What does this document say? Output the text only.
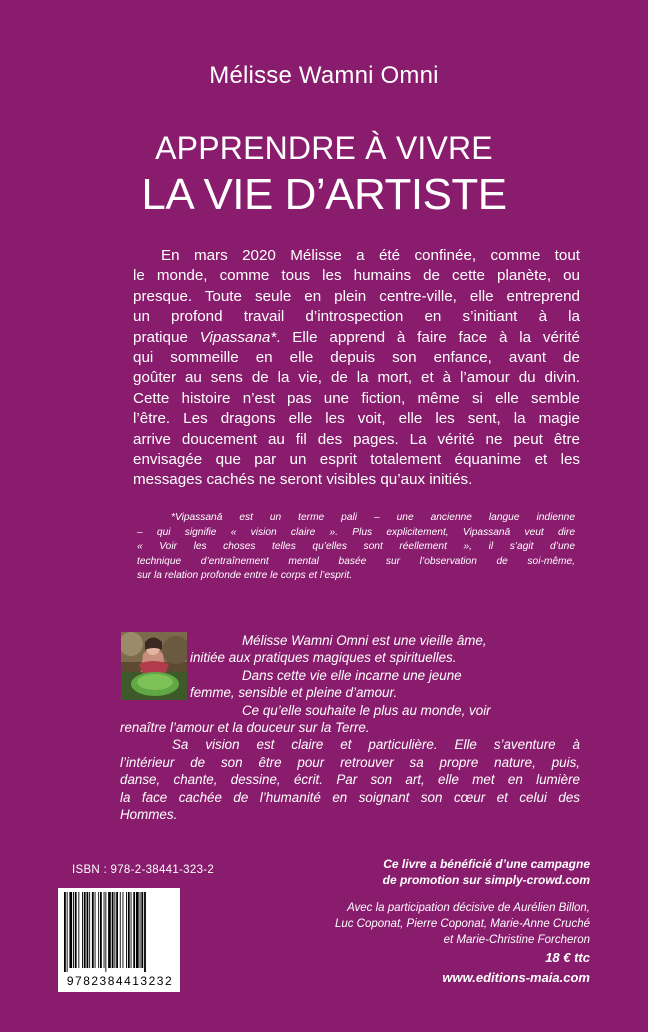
Mélisse Wamni Omni
APPRENDRE À VIVRE
LA VIE D’ARTISTE

En mars 2020 Mélisse a été confinée, comme tout
le monde, comme tous les humains de cette planète, ou
presque. Toute seule en plein centre-ville, elle entreprend
un profond travail d’introspection en s’initiant à la
pratique Vipassana*. Elle apprend à faire face à la vérité
qui sommeille en elle depuis son enfance, avant de
goûter au sens de la vie, de la mort, et à l’amour du divin.
Cette histoire n’est pas une fiction, même si elle semble
l’être. Les dragons elle les voit, elle les sent, la magie
arrive doucement au fil des pages. La vérité ne peut être
envisagée que par un esprit totalement équanime et les
messages cachés ne seront visibles qu’aux initiés.

*Vipassanā est un terme pali – une ancienne langue indienne
– qui signifie « vision claire ». Plus explicitement, Vipassanā veut dire
« Voir les choses telles qu’elles sont réellement », il s’agit d’une
technique d’entraînement mental basée sur l’observation de soi-même,
sur la relation profonde entre le corps et l’esprit.
Mélisse Wamni Omni est une vieille âme,
initiée aux pratiques magiques et spirituelles.
Dans cette vie elle incarne une jeune
femme, sensible et pleine d’amour.
Ce qu’elle souhaite le plus au monde, voir
renaître l’amour et la douceur sur la Terre.
Sa vision est claire et particulière. Elle s’aventure à
l’intérieur de son être pour retrouver sa propre nature, puis,
danse, chante, dessine, écrit. Par son art, elle met en lumière
la face cachée de l’humanité en soignant son cœur et celui des
Hommes.
ISBN : 978-2-38441-323-2
9782384413232
Ce livre a bénéficié d’une campagne
de promotion sur simply-crowd.com
Avec la participation décisive de Aurélien Billon,
Luc Coponat, Pierre Coponat, Marie-Anne Cruché
et Marie-Christine Forcheron
18 € ttc
www.editions-maia.com
